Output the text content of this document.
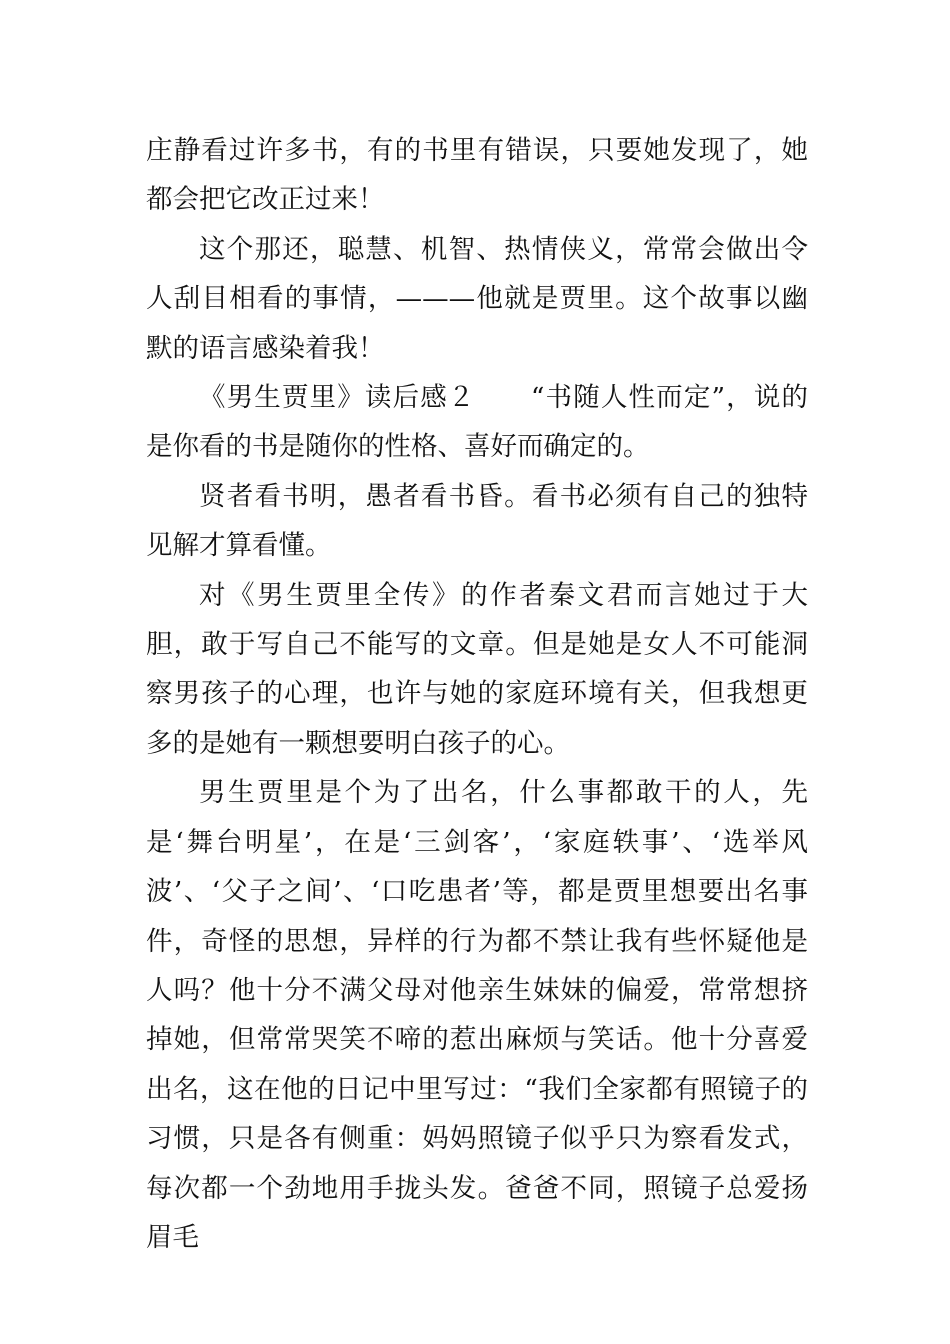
庄静看过许多书，有的书里有错误，只要她发现了，她都会把它改正过来！

这个那还，聪慧、机智、热情侠义，常常会做出令人刮目相看的事情，———他就是贾里。这个故事以幽默的语言感染着我！

《男生贾里》读后感２　　“书随人性而定”，说的是你看的书是随你的性格、喜好而确定的。

贤者看书明，愚者看书昏。看书必须有自己的独特见解才算看懂。

对《男生贾里全传》的作者秦文君而言她过于大胆，敢于写自己不能写的文章。但是她是女人不可能洞察男孩子的心理，也许与她的家庭环境有关，但我想更多的是她有一颗想要明白孩子的心。

男生贾里是个为了出名，什么事都敢干的人，先是‘舞台明星’，在是‘三剑客’，‘家庭轶事’、‘选举风波’、‘父子之间’、‘口吃患者’等，都是贾里想要出名事件，奇怪的思想，异样的行为都不禁让我有些怀疑他是人吗？他十分不满父母对他亲生妹妹的偏爱，常常想挤掉她，但常常哭笑不啼的惹出麻烦与笑话。他十分喜爱出名，这在他的日记中里写过：“我们全家都有照镜子的习惯，只是各有侧重：妈妈照镜子似乎只为察看发式，每次都一个劲地用手拢头发。爸爸不同，照镜子总爱扬眉毛
